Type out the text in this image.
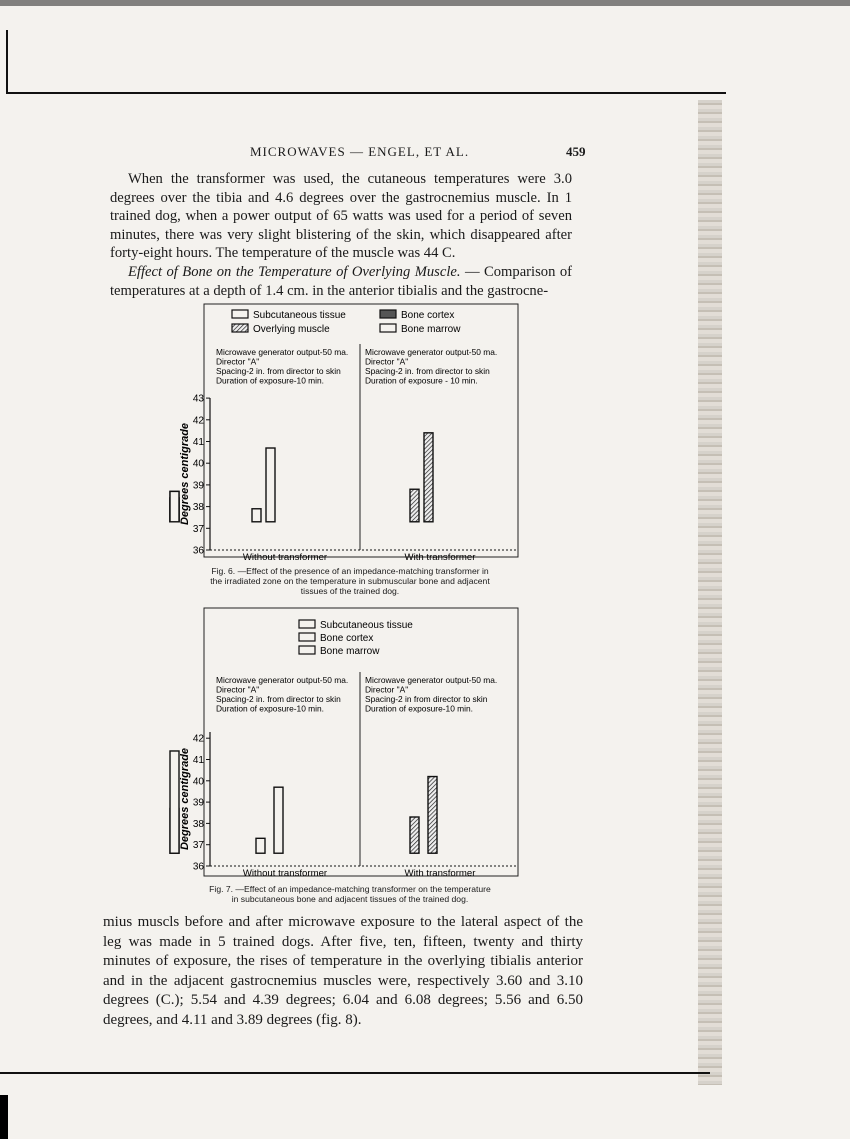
MICROWAVES — ENGEL, ET AL.	459

When the transformer was used, the cutaneous temperatures were 3.0 degrees over the tibia and 4.6 degrees over the gastrocnemius muscle. In 1 trained dog, when a power output of 65 watts was used for a period of seven minutes, there was very slight blistering of the skin, which disappeared after forty-eight hours. The temperature of the muscle was 44 C.

Effect of Bone on the Temperature of Overlying Muscle. — Comparison of temperatures at a depth of 1.4 cm. in the anterior tibialis and the gastrocne-

Subcutaneous tissue	Bone cortex
Overlying muscle	Bone marrow
Microwave generator output-50 ma.
Director "A"
Spacing-2 in. from director to skin
Duration of exposure-10 min.
Microwave generator output-50 ma.
Director "A"
Spacing-2 in. from director to skin
Duration of exposure - 10 min.
36
37
38
39
40
41
42
43
Degrees centigrade
Without transformer	With transformer
Fig. 6. —Effect of the presence of an impedance-matching transformer in
the irradiated zone on the temperature in submuscular bone and adjacent
tissues of the trained dog.
Subcutaneous tissue
Bone cortex
Bone marrow
Microwave generator output-50 ma.
Director "A"
Spacing-2 in. from director to skin
Duration of exposure-10 min.
Microwave generator output-50 ma.
Director "A"
Spacing-2 in from director to skin
Duration of exposure-10 min.
36
37
38
39
40
41
42
Degrees centigrade
Without transformer	With transformer
Fig. 7. —Effect of an impedance-matching transformer on the temperature
in subcutaneous bone and adjacent tissues of the trained dog.

mius muscls before and after microwave exposure to the lateral aspect of the leg was made in 5 trained dogs. After five, ten, fifteen, twenty and thirty minutes of exposure, the rises of temperature in the overlying tibialis anterior and in the adjacent gastrocnemius muscles were, respectively 3.60 and 3.10 degrees (C.); 5.54 and 4.39 degrees; 6.04 and 6.08 degrees; 5.56 and 6.50 degrees, and 4.11 and 3.89 degrees (fig. 8).
